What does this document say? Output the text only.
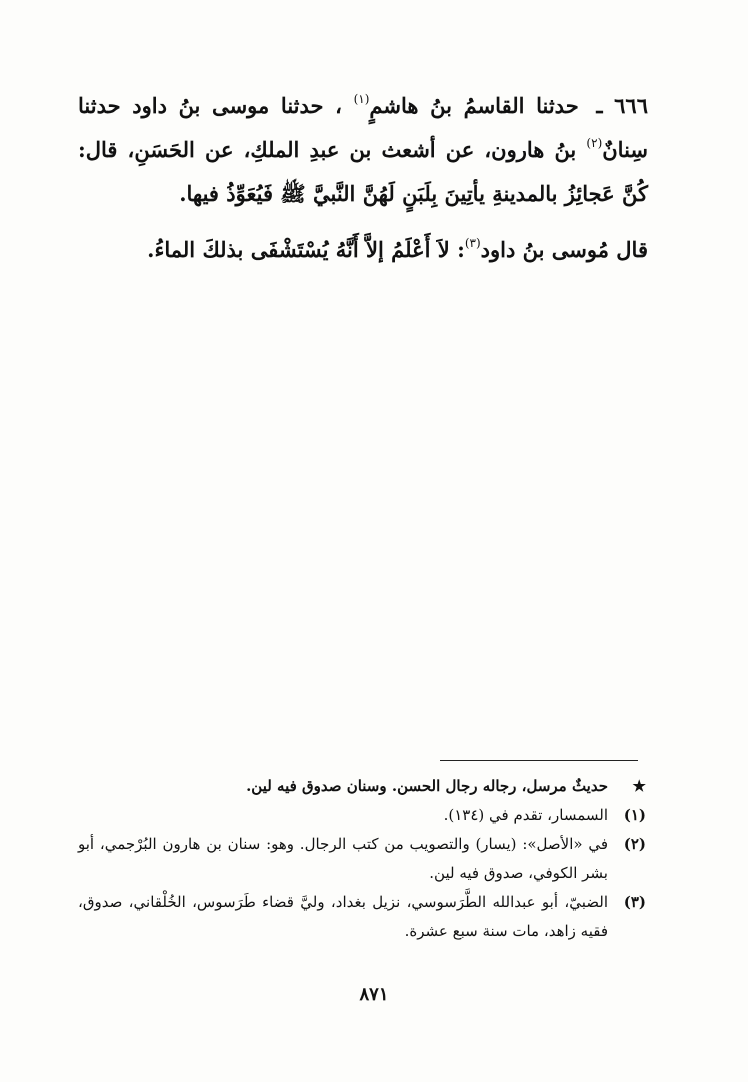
٦٦٦ ـ حدثنا القاسمُ بنُ هاشمٍ$^{(١)}$ ، حدثنا موسى بنُ داود حدثنا سِنانٌ$^{(٢)}$ بنُ هارون، عن أشعث بن عبدِ الملكِ، عن الحَسَنِ، قال: كُنَّ عَجائِزُ بالمدينةِ يأتِينَ بِلَبَنٍ لَهُنَّ النَّبيَّ ﷺ فَيُعَوِّذُ فيها.

قال مُوسى بنُ داود$^{(٣)}$: لاَ أَعْلَمُ إلاَّ أَنَّهُ يُسْتَشْفَى بذلكَ الماءُ.

★
حديثٌ مرسل، رجاله رجال الحسن. وسنان صدوق فيه لين.
(١)
السمسار، تقدم في (١٣٤).
(٢)
في «الأصل»: (يسار) والتصويب من كتب الرجال. وهو: سنان بن هارون البُرْجمي، أبو بشر الكوفي، صدوق فيه لين.
(٣)
الضبيّ، أبو عبدالله الطَّرَسوسي، نزيل بغداد، وليَّ قضاء طَرَسوس، الخُلْقاني، صدوق، فقيه زاهد، مات سنة سبع عشرة.
٨٧١
